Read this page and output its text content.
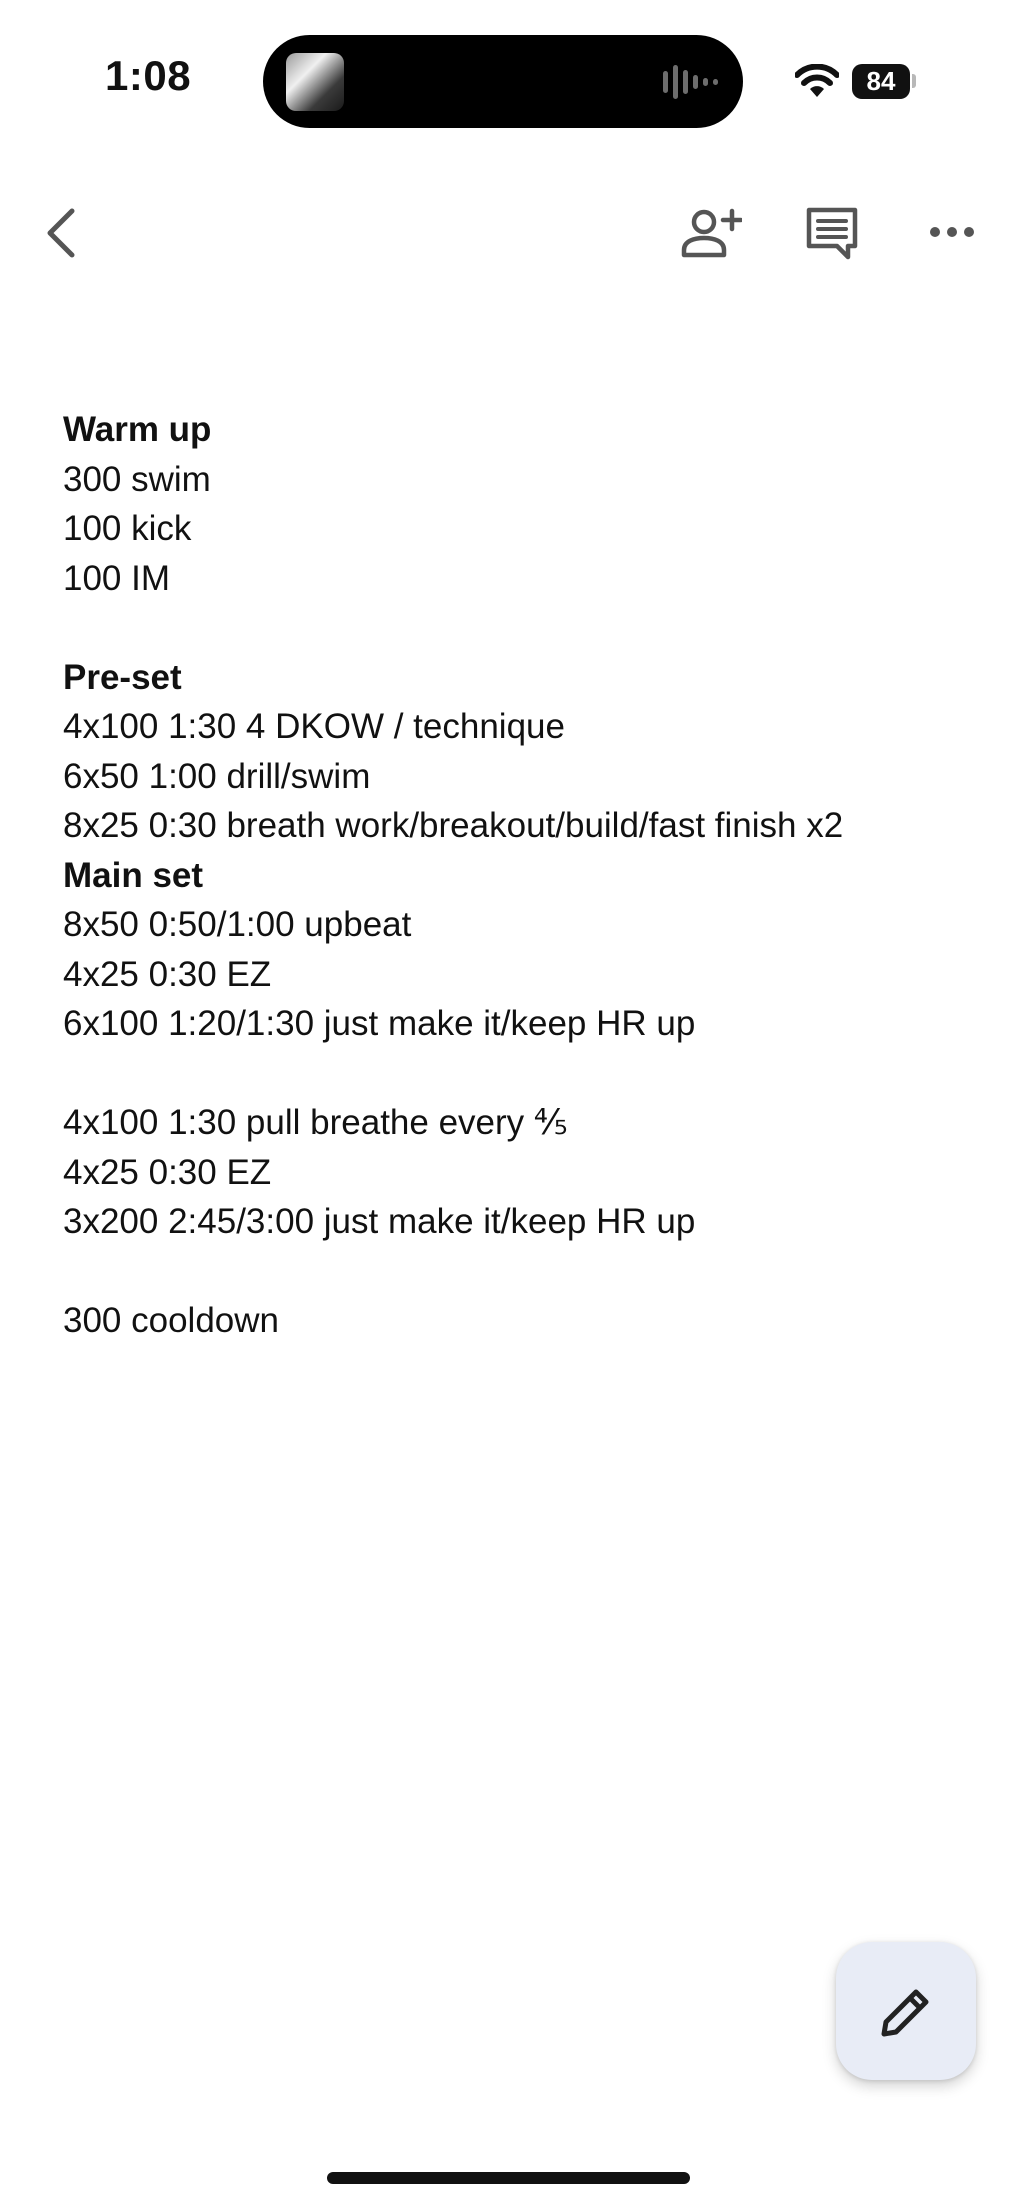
1:08	84
Warm up
300 swim
100 kick
100 IM
Pre-set
4x100 1:30 4 DKOW / technique
6x50 1:00 drill/swim
8x25 0:30 breath work/breakout/build/fast finish x2
Main set
8x50 0:50/1:00 upbeat
4x25 0:30 EZ
6x100 1:20/1:30 just make it/keep HR up
4x100 1:30 pull breathe every ⅘
4x25 0:30 EZ
3x200 2:45/3:00 just make it/keep HR up
300 cooldown
